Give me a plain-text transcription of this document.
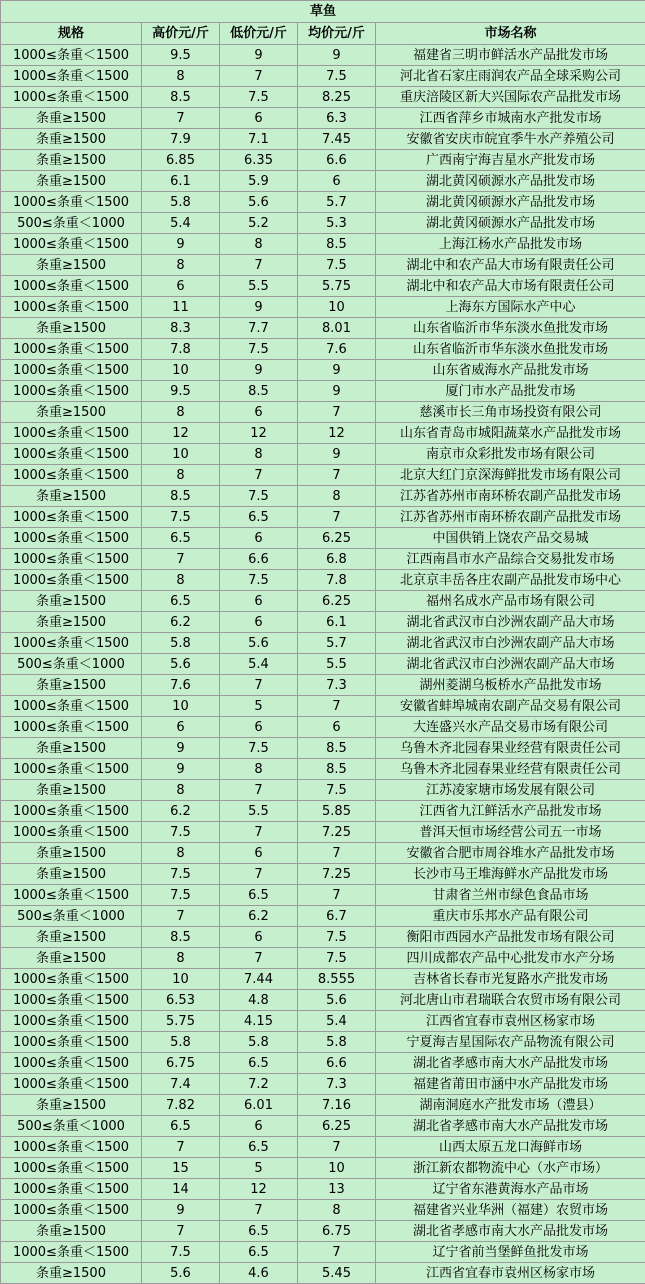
草鱼				
规格	高价元/斤	低价元/斤	均价元/斤	市场名称
1000≤条重＜1500	9.5	9	9	福建省三明市鲜活水产品批发市场
1000≤条重＜1500	8	7	7.5	河北省石家庄雨润农产品全球采购公司
1000≤条重＜1500	8.5	7.5	8.25	重庆涪陵区新大兴国际农产品批发市场
条重≥1500	7	6	6.3	江西省萍乡市城南水产批发市场
条重≥1500	7.9	7.1	7.45	安徽省安庆市皖宜季牛水产养殖公司
条重≥1500	6.85	6.35	6.6	广西南宁海吉星水产批发市场
条重≥1500	6.1	5.9	6	湖北黄冈硕源水产品批发市场
1000≤条重＜1500	5.8	5.6	5.7	湖北黄冈硕源水产品批发市场
500≤条重＜1000	5.4	5.2	5.3	湖北黄冈硕源水产品批发市场
1000≤条重＜1500	9	8	8.5	上海江杨水产品批发市场
条重≥1500	8	7	7.5	湖北中和农产品大市场有限责任公司
1000≤条重＜1500	6	5.5	5.75	湖北中和农产品大市场有限责任公司
1000≤条重＜1500	11	9	10	上海东方国际水产中心
条重≥1500	8.3	7.7	8.01	山东省临沂市华东淡水鱼批发市场
1000≤条重＜1500	7.8	7.5	7.6	山东省临沂市华东淡水鱼批发市场
1000≤条重＜1500	10	9	9	山东省威海水产品批发市场
1000≤条重＜1500	9.5	8.5	9	厦门市水产品批发市场
条重≥1500	8	6	7	慈溪市长三角市场投资有限公司
1000≤条重＜1500	12	12	12	山东省青岛市城阳蔬菜水产品批发市场
1000≤条重＜1500	10	8	9	南京市众彩批发市场有限公司
1000≤条重＜1500	8	7	7	北京大红门京深海鲜批发市场有限公司
条重≥1500	8.5	7.5	8	江苏省苏州市南环桥农副产品批发市场
1000≤条重＜1500	7.5	6.5	7	江苏省苏州市南环桥农副产品批发市场
1000≤条重＜1500	6.5	6	6.25	中国供销上饶农产品交易城
1000≤条重＜1500	7	6.6	6.8	江西南昌市水产品综合交易批发市场
1000≤条重＜1500	8	7.5	7.8	北京京丰岳各庄农副产品批发市场中心
条重≥1500	6.5	6	6.25	福州名成水产品市场有限公司
条重≥1500	6.2	6	6.1	湖北省武汉市白沙洲农副产品大市场
1000≤条重＜1500	5.8	5.6	5.7	湖北省武汉市白沙洲农副产品大市场
500≤条重＜1000	5.6	5.4	5.5	湖北省武汉市白沙洲农副产品大市场
条重≥1500	7.6	7	7.3	湖州菱湖乌板桥水产品批发市场
1000≤条重＜1500	10	5	7	安徽省蚌埠城南农副产品交易有限公司
1000≤条重＜1500	6	6	6	大连盛兴水产品交易市场有限公司
条重≥1500	9	7.5	8.5	乌鲁木齐北园春果业经营有限责任公司
1000≤条重＜1500	9	8	8.5	乌鲁木齐北园春果业经营有限责任公司
条重≥1500	8	7	7.5	江苏凌家塘市场发展有限公司
1000≤条重＜1500	6.2	5.5	5.85	江西省九江鲜活水产品批发市场
1000≤条重＜1500	7.5	7	7.25	普洱天恒市场经营公司五一市场
条重≥1500	8	6	7	安徽省合肥市周谷堆水产品批发市场
条重≥1500	7.5	7	7.25	长沙市马王堆海鲜水产品批发市场
1000≤条重＜1500	7.5	6.5	7	甘肃省兰州市绿色食品市场
500≤条重＜1000	7	6.2	6.7	重庆市乐邦水产品有限公司
条重≥1500	8.5	6	7.5	衡阳市西园水产品批发市场有限公司
条重≥1500	8	7	7.5	四川成都农产品中心批发市水产分场
1000≤条重＜1500	10	7.44	8.555	吉林省长春市光复路水产批发市场
1000≤条重＜1500	6.53	4.8	5.6	河北唐山市君瑞联合农贸市场有限公司
1000≤条重＜1500	5.75	4.15	5.4	江西省宜春市袁州区杨家市场
1000≤条重＜1500	5.8	5.8	5.8	宁夏海吉星国际农产品物流有限公司
1000≤条重＜1500	6.75	6.5	6.6	湖北省孝感市南大水产品批发市场
1000≤条重＜1500	7.4	7.2	7.3	福建省莆田市涵中水产品批发市场
条重≥1500	7.82	6.01	7.16	湖南洞庭水产批发市场（澧县）
500≤条重＜1000	6.5	6	6.25	湖北省孝感市南大水产品批发市场
1000≤条重＜1500	7	6.5	7	山西太原五龙口海鲜市场
1000≤条重＜1500	15	5	10	浙江新农都物流中心（水产市场）
1000≤条重＜1500	14	12	13	辽宁省东港黄海水产品市场
1000≤条重＜1500	9	7	8	福建省兴业华洲（福建）农贸市场
条重≥1500	7	6.5	6.75	湖北省孝感市南大水产品批发市场
1000≤条重＜1500	7.5	6.5	7	辽宁省前当堡鲜鱼批发市场
条重≥1500	5.6	4.6	5.45	江西省宜春市袁州区杨家市场
